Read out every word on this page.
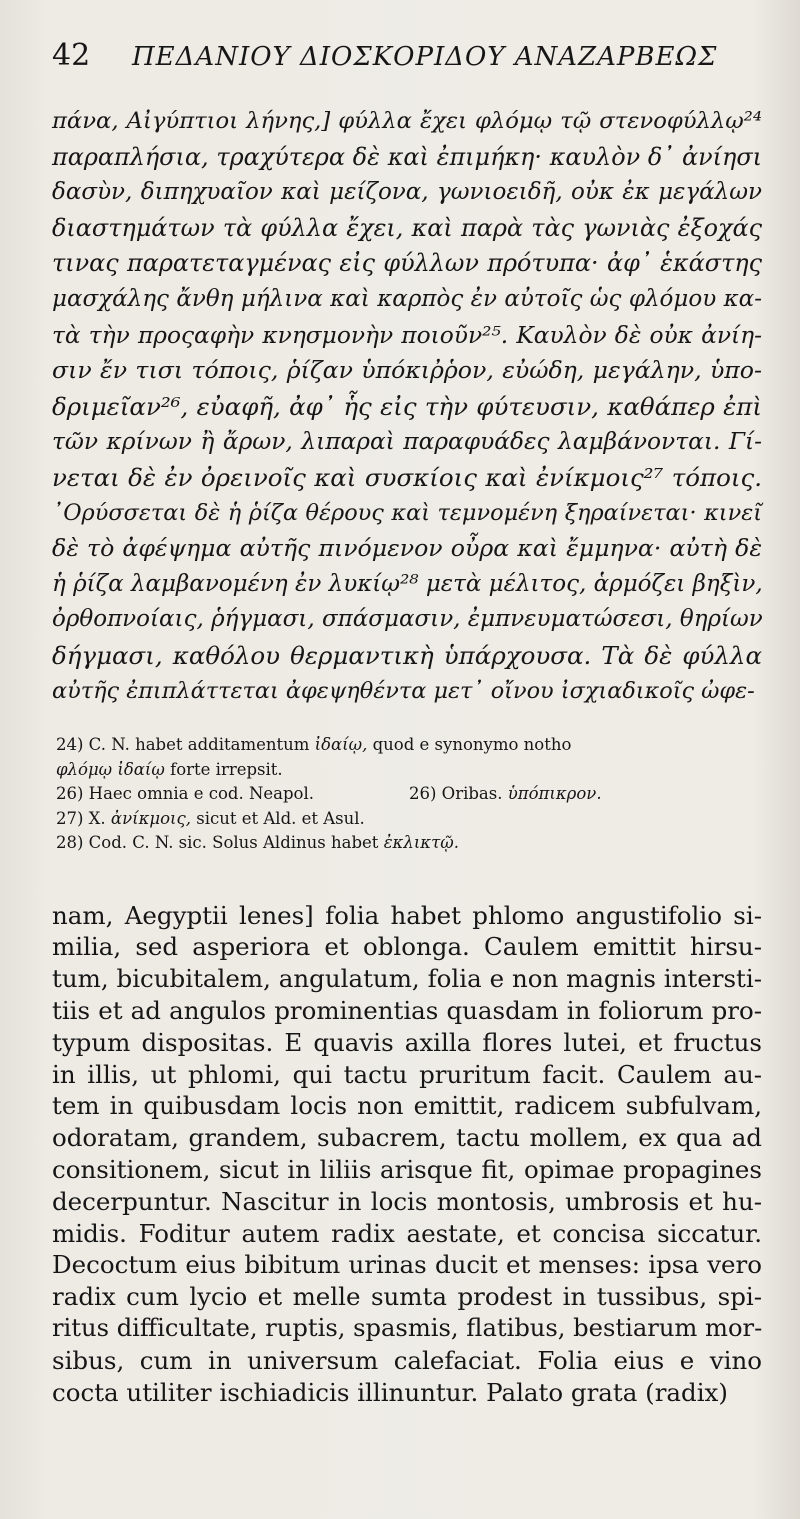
42	ΠΕΔΑΝΙΟΥ ΔΙΟΣΚΟΡΙΔΟΥ ΑΝΑΖΑΡΒΕΩΣ
πάνα, Αἰγύπτιοι λήνης,] φύλλα ἔχει φλόμῳ τῷ στενοφύλλῳ²⁴
παραπλήσια, τραχύτερα δὲ καὶ ἐπιμήκη· καυλὸν δ᾽ ἀνίησι
δασὺν, διπηχυαῖον καὶ μείζονα, γωνιοειδῆ, οὐκ ἐκ μεγάλων
διαστημάτων τὰ φύλλα ἔχει, καὶ παρὰ τὰς γωνιὰς ἐξοχάς
τινας παρατεταγμένας εἰς φύλλων πρότυπα· ἀφ᾽ ἑκάστης
μασχάλης ἄνθη μήλινα καὶ καρπὸς ἐν αὐτοῖς ὡς φλόμου κα-
τὰ τὴν προςαφὴν κνησμονὴν ποιοῦν²⁵. Καυλὸν δὲ οὐκ ἀνίη-
σιν ἔν τισι τόποις, ῥίζαν ὑπόκιῤῥον, εὐώδη, μεγάλην, ὑπο-
δριμεῖαν²⁶, εὐαφῆ, ἀφ᾽ ἧς εἰς τὴν φύτευσιν, καθάπερ ἐπὶ
τῶν κρίνων ἢ ἄρων, λιπαραὶ παραφυάδες λαμβάνονται. Γί-
νεται δὲ ἐν ὀρεινοῖς καὶ συσκίοις καὶ ἐνίκμοις²⁷ τόποις.
᾽Ορύσσεται δὲ ἡ ῥίζα θέρους καὶ τεμνομένη ξηραίνεται· κινεῖ
δὲ τὸ ἀφέψημα αὐτῆς πινόμενον οὖρα καὶ ἔμμηνα· αὐτὴ δὲ
ἡ ῥίζα λαμβανομένη ἐν λυκίῳ²⁸ μετὰ μέλιτος, ἁρμόζει βηξὶν,
ὀρθοπνοίαις, ῥήγμασι, σπάσμασιν, ἐμπνευματώσεσι, θηρίων
δήγμασι, καθόλου θερμαντικὴ ὑπάρχουσα. Τὰ δὲ φύλλα
αὐτῆς ἐπιπλάττεται ἀφεψηθέντα μετ᾽ οἴνου ἰσχιαδικοῖς ὠφε-
24) C. N. habet additamentum ἰδαίῳ, quod e synonymo notho
φλόμῳ ἰδαίῳ forte irrepsit.
26) Haec omnia e cod. Neapol.	26) Oribas. ὑπόπικρον.
27) X. ἀνίκμοις, sicut et Ald. et Asul.
28) Cod. C. N. sic. Solus Aldinus habet ἐκλικτῷ.
nam, Aegyptii lenes] folia habet phlomo angustifolio si-
milia, sed asperiora et oblonga. Caulem emittit hirsu-
tum, bicubitalem, angulatum, folia e non magnis intersti-
tiis et ad angulos prominentias quasdam in foliorum pro-
typum dispositas. E quavis axilla flores lutei, et fructus
in illis, ut phlomi, qui tactu pruritum facit. Caulem au-
tem in quibusdam locis non emittit, radicem subfulvam,
odoratam, grandem, subacrem, tactu mollem, ex qua ad
consitionem, sicut in liliis arisque fit, opimae propagines
decerpuntur. Nascitur in locis montosis, umbrosis et hu-
midis. Foditur autem radix aestate, et concisa siccatur.
Decoctum eius bibitum urinas ducit et menses: ipsa vero
radix cum lycio et melle sumta prodest in tussibus, spi-
ritus difficultate, ruptis, spasmis, flatibus, bestiarum mor-
sibus, cum in universum calefaciat. Folia eius e vino
cocta utiliter ischiadicis illinuntur. Palato grata (radix)
